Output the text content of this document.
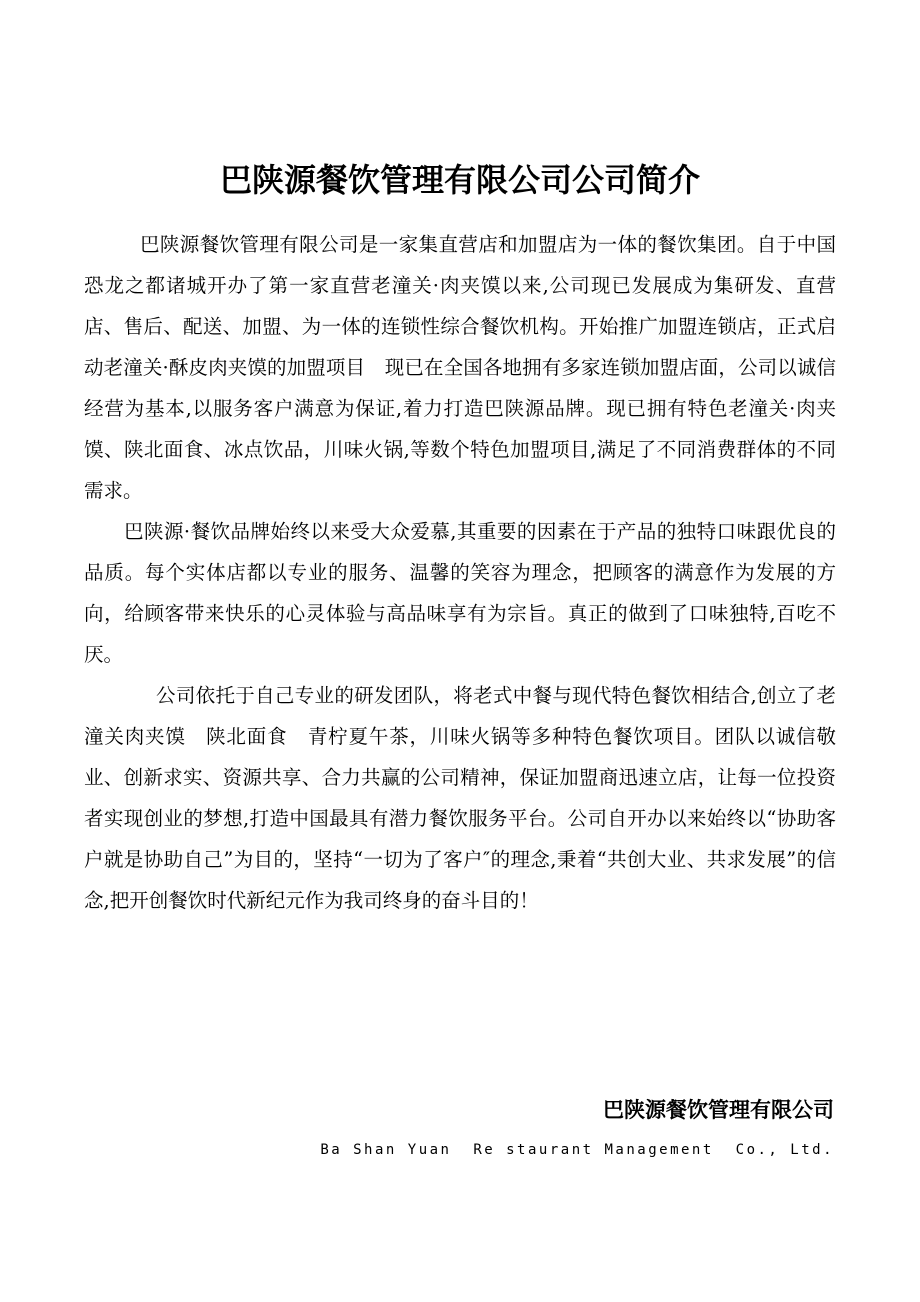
巴陕源餐饮管理有限公司公司简介

巴陕源餐饮管理有限公司是一家集直营店和加盟店为一体的餐饮集团。自于中国恐龙之都诸城开办了第一家直营老潼关·肉夹馍以来,公司现已发展成为集研发、直营店、售后、配送、加盟、为一体的连锁性综合餐饮机构。开始推广加盟连锁店，正式启动老潼关·酥皮肉夹馍的加盟项目　现已在全国各地拥有多家连锁加盟店面，公司以诚信经营为基本,以服务客户满意为保证,着力打造巴陕源品牌。现已拥有特色老潼关·肉夹馍、陕北面食、冰点饮品，川味火锅,等数个特色加盟项目,满足了不同消费群体的不同需求。

巴陕源·餐饮品牌始终以来受大众爱慕,其重要的因素在于产品的独特口味跟优良的品质。每个实体店都以专业的服务、温馨的笑容为理念，把顾客的满意作为发展的方向，给顾客带来快乐的心灵体验与高品味享有为宗旨。真正的做到了口味独特,百吃不厌。

公司依托于自己专业的研发团队，将老式中餐与现代特色餐饮相结合,创立了老潼关肉夹馍　陕北面食　青柠夏午茶，川味火锅等多种特色餐饮项目。团队以诚信敬业、创新求实、资源共享、合力共赢的公司精神，保证加盟商迅速立店，让每一位投资者实现创业的梦想,打造中国最具有潜力餐饮服务平台。公司自开办以来始终以“协助客户就是协助自己”为目的，坚持“一切为了客户″的理念,秉着“共创大业、共求发展”的信念,把开创餐饮时代新纪元作为我司终身的奋斗目的！

巴陕源餐饮管理有限公司
Ba Shan Yuan  Re staurant Management  Co., Ltd.
